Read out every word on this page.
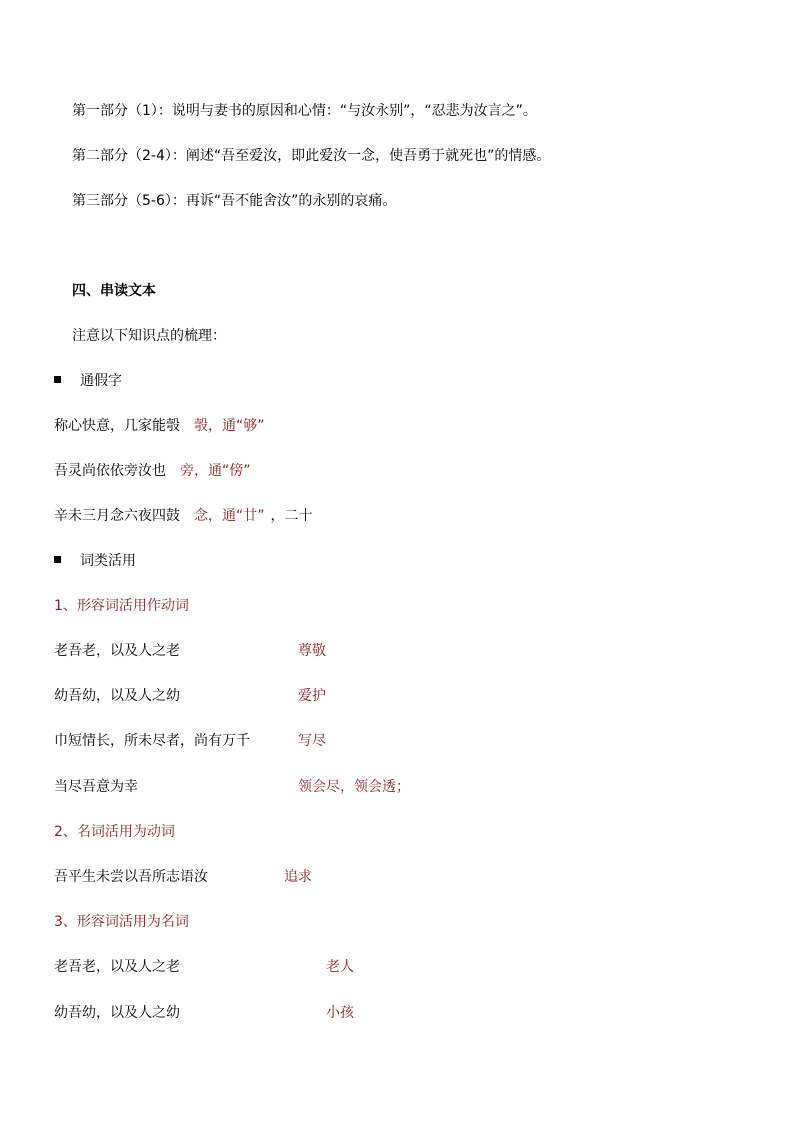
第一部分（1）：说明与妻书的原因和心情：“与汝永别”，“忍悲为汝言之”。
第二部分（2-4）：阐述“吾至爱汝，即此爱汝一念，使吾勇于就死也”的情感。
第三部分（5-6）：再诉“吾不能舍汝”的永别的哀痛。
四、串读文本
注意以下知识点的梳理：
通假字
称心快意，几家能彀 彀，通“够”
吾灵尚依依旁汝也 旁，通“傍”
辛未三月念六夜四鼓 念，通“廿” ，二十
词类活用
1、形容词活用作动词
老吾老，以及人之老	尊敬
幼吾幼，以及人之幼	爱护
巾短情长，所未尽者，尚有万千	写尽
当尽吾意为幸	领会尽，领会透；
2、名词活用为动词
吾平生未尝以吾所志语汝	追求
3、形容词活用为名词
老吾老，以及人之老	老人
幼吾幼，以及人之幼	小孩
